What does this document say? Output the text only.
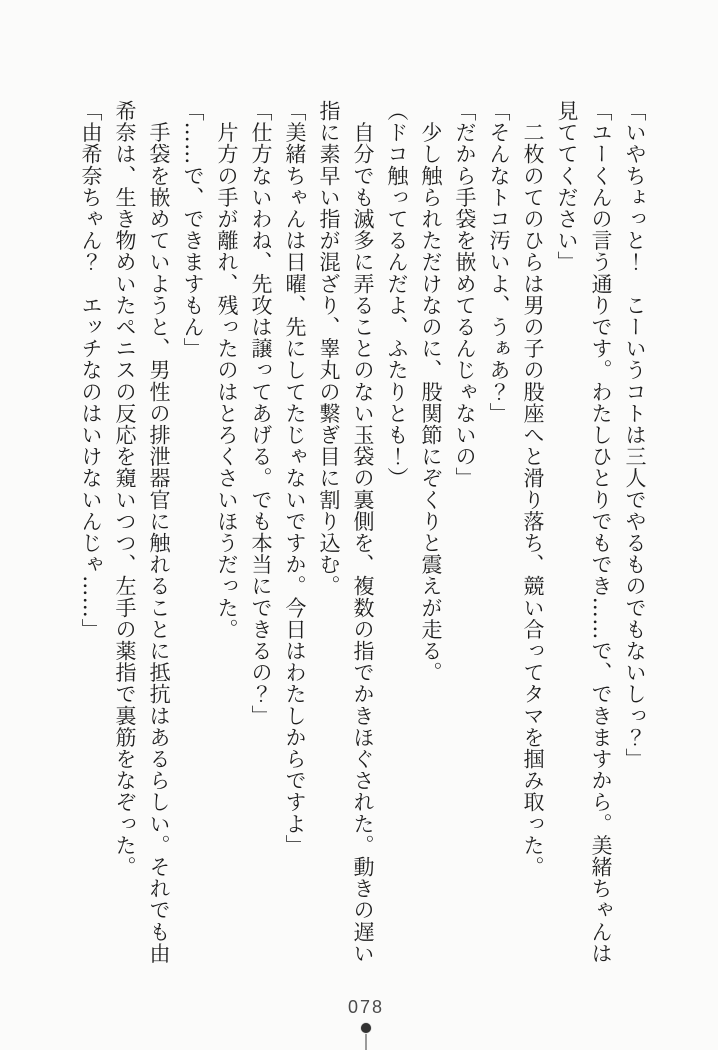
「いやちょっと！　こーいうコトは三人でやるものでもないしっ？」
「ユーくんの言う通りです。わたしひとりでもでき……で、できますから。美緒ちゃんは
見ててください」
　二枚のてのひらは男の子の股座へと滑り落ち、競い合ってタマを掴み取った。
「そんなトコ汚いよ、うぁあ？」
「だから手袋を嵌めてるんじゃないの」
　少し触られただけなのに、股関節にぞくりと震えが走る。
（ドコ触ってるんだよ、ふたりとも！）
　自分でも滅多に弄ることのない玉袋の裏側を、複数の指でかきほぐされた。動きの遅い
指に素早い指が混ざり、睾丸の繋ぎ目に割り込む。
「美緒ちゃんは日曜、先にしてたじゃないですか。今日はわたしからですよ」
「仕方ないわね、先攻は譲ってあげる。でも本当にできるの？」
　片方の手が離れ、残ったのはとろくさいほうだった。
「……で、できますもん」
　手袋を嵌めていようと、男性の排泄器官に触れることに抵抗はあるらしい。それでも由
希奈は、生き物めいたペニスの反応を窺いつつ、左手の薬指で裏筋をなぞった。
「由希奈ちゃん？　エッチなのはいけないんじゃ……」
078
